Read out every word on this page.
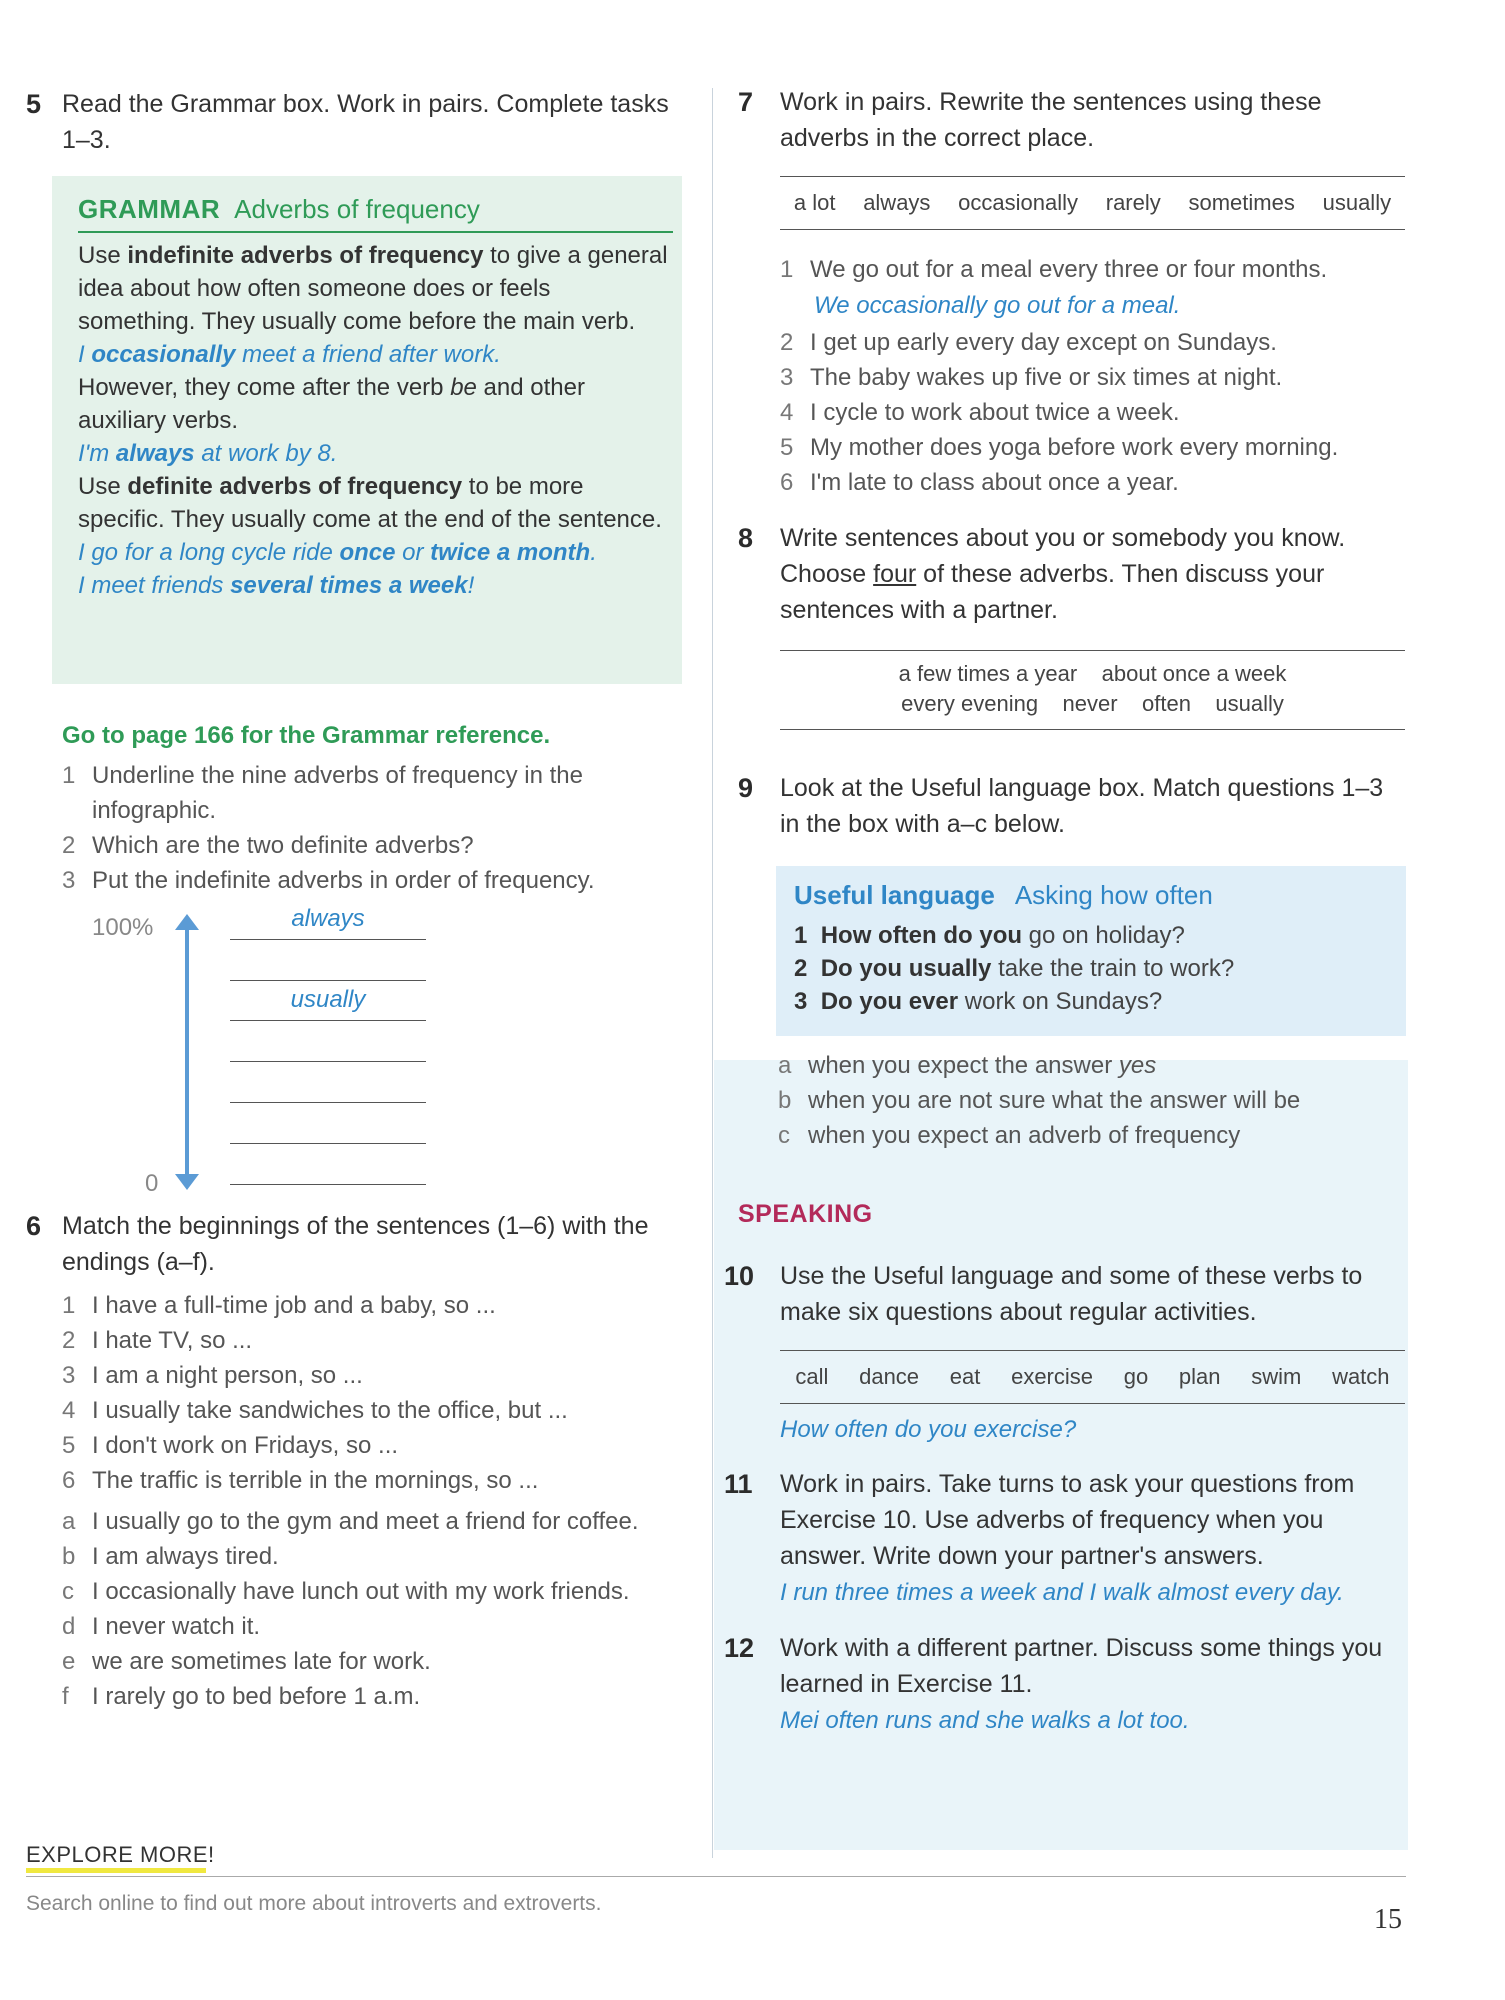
5 Read the Grammar box. Work in pairs. Complete tasks 1–3.
GRAMMAR Adverbs of frequency
Use indefinite adverbs of frequency to give a general idea about how often someone does or feels something. They usually come before the main verb.
I occasionally meet a friend after work.
However, they come after the verb be and other auxiliary verbs.
I'm always at work by 8.
Use definite adverbs of frequency to be more specific. They usually come at the end of the sentence.
I go for a long cycle ride once or twice a month.
I meet friends several times a week!
Go to page 166 for the Grammar reference.
1 Underline the nine adverbs of frequency in the infographic.
2 Which are the two definite adverbs?
3 Put the indefinite adverbs in order of frequency.
100%
0
always
usually
6 Match the beginnings of the sentences (1–6) with the endings (a–f).
1 I have a full-time job and a baby, so ...
2 I hate TV, so ...
3 I am a night person, so ...
4 I usually take sandwiches to the office, but ...
5 I don't work on Fridays, so ...
6 The traffic is terrible in the mornings, so ...
a I usually go to the gym and meet a friend for coffee.
b I am always tired.
c I occasionally have lunch out with my work friends.
d I never watch it.
e we are sometimes late for work.
f I rarely go to bed before 1 a.m.
7	Work in pairs. Rewrite the sentences using these adverbs in the correct place.
a lot always occasionally rarely sometimes usually
1 We go out for a meal every three or four months.
We occasionally go out for a meal.
2 I get up early every day except on Sundays.
3 The baby wakes up five or six times at night.
4 I cycle to work about twice a week.
5 My mother does yoga before work every morning.
6 I'm late to class about once a year.
8	Write sentences about you or somebody you know. Choose four of these adverbs. Then discuss your sentences with a partner.
a few times a year about once a week
every evening never often usually
9	Look at the Useful language box. Match questions 1–3 in the box with a–c below.
Useful language Asking how often
1 How often do you go on holiday?
2 Do you usually take the train to work?
3 Do you ever work on Sundays?
a when you expect the answer yes
b when you are not sure what the answer will be
c when you expect an adverb of frequency
SPEAKING
10	Use the Useful language and some of these verbs to make six questions about regular activities.
call dance eat exercise go plan swim watch
How often do you exercise?
11	Work in pairs. Take turns to ask your questions from Exercise 10. Use adverbs of frequency when you answer. Write down your partner's answers.
I run three times a week and I walk almost every day.
12	Work with a different partner. Discuss some things you learned in Exercise 11.
Mei often runs and she walks a lot too.
EXPLORE MORE!
Search online to find out more about introverts and extroverts.
15
